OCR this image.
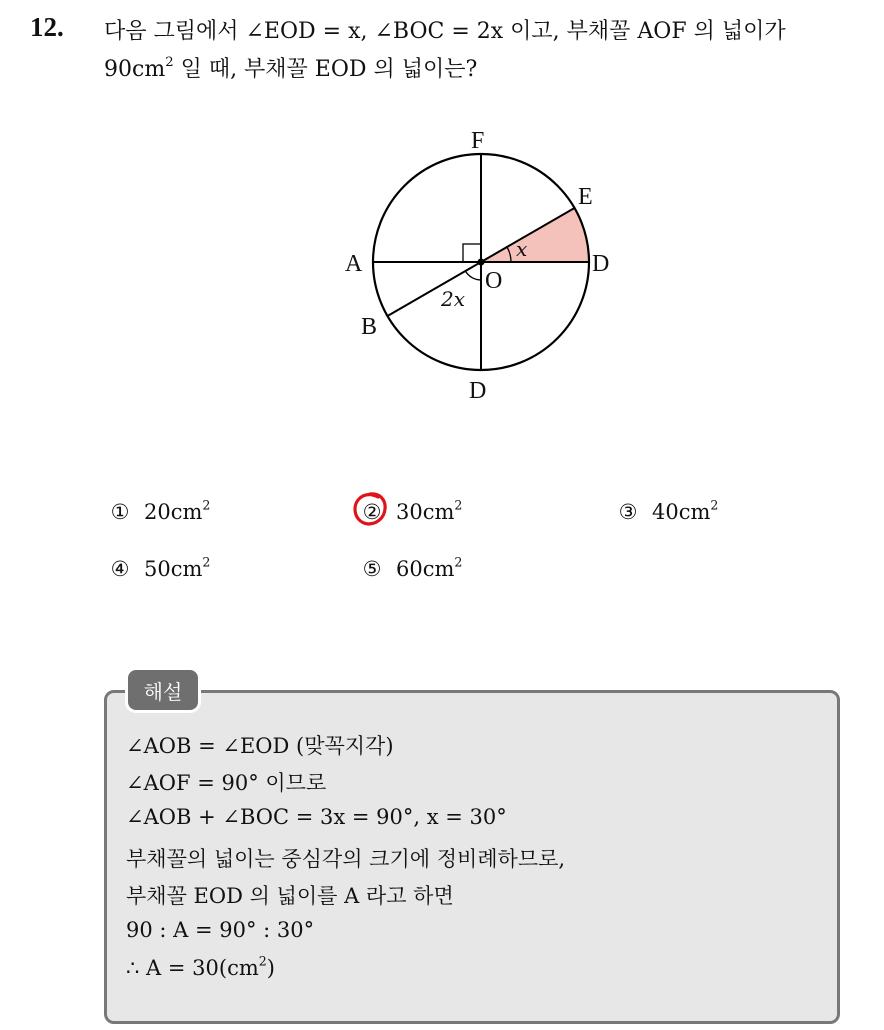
12. 다음 그림에서 ∠EOD = x, ∠BOC = 2x 이고, 부채꼴 AOF 의 넓이가
$90cm^2$ 일 때, 부채꼴 EOD 의 넓이는?
F
E
A
O
D
B
D
x
2x
① $20cm^2$	② $30cm^2$	③ $40cm^2$
④ $50cm^2$	⑤ $60cm^2$
해설
∠AOB = ∠EOD (맞꼭지각)
∠AOF = 90° 이므로
∠AOB + ∠BOC = 3x = 90°, x = 30°
부채꼴의 넓이는 중심각의 크기에 정비례하므로,
부채꼴 EOD 의 넓이를 A 라고 하면
90 : A = 90° : 30°
∴ $A = 30(cm^2)$
